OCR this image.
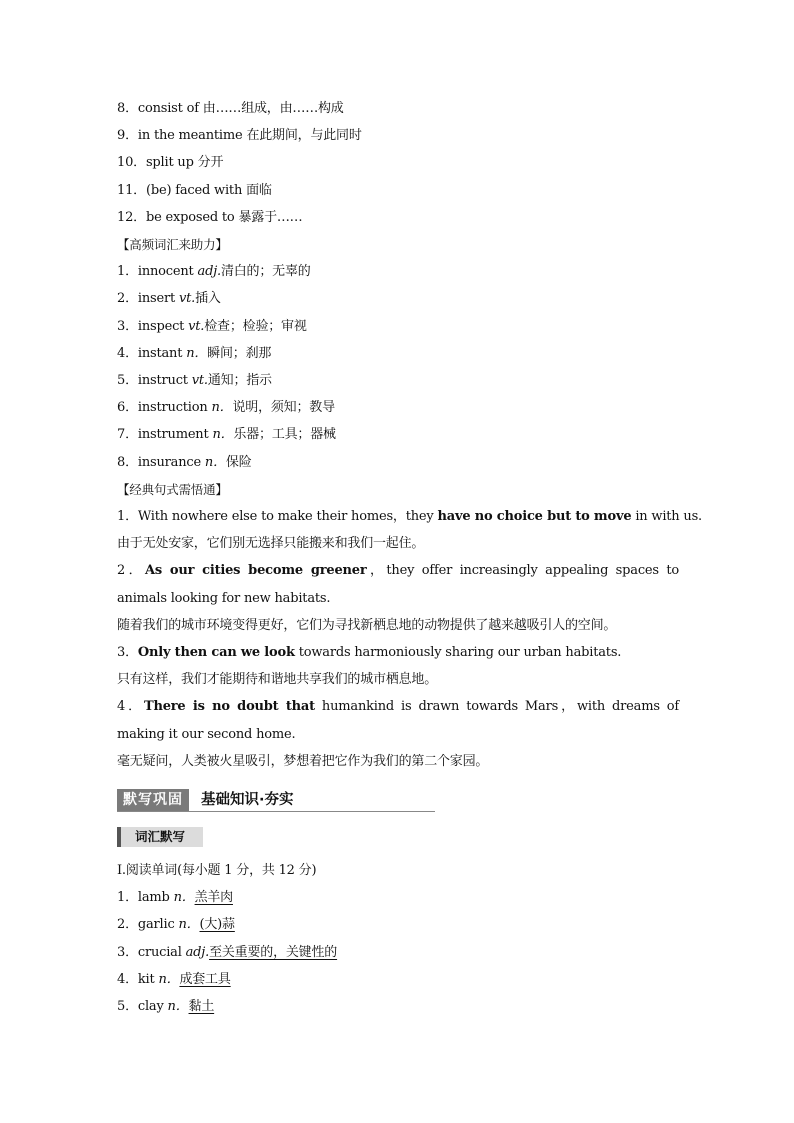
8．consist of 由……组成，由……构成
9．in the meantime 在此期间，与此同时
10．split up 分开
11．(be) faced with 面临
12．be exposed to 暴露于……
【高频词汇来助力】
1．innocent adj.清白的；无辜的
2．insert vt.插入
3．inspect vt.检查；检验；审视
4．instant n．瞬间；刹那
5．instruct vt.通知；指示
6．instruction n．说明，须知；教导
7．instrument n．乐器；工具；器械
8．insurance n．保险
【经典句式需悟通】
1．With nowhere else to make their homes，they have no choice but to move in with us.
由于无处安家，它们别无选择只能搬来和我们一起住。
2．As our cities become greener，they offer increasingly appealing spaces to animals looking for new habitats.
随着我们的城市环境变得更好，它们为寻找新栖息地的动物提供了越来越吸引人的空间。
3．Only then can we look towards harmoniously sharing our urban habitats.
只有这样，我们才能期待和谐地共享我们的城市栖息地。
4．There is no doubt that humankind is drawn towards Mars，with dreams of making it our second home.
毫无疑问，人类被火星吸引，梦想着把它作为我们的第二个家园。
默写巩固	基础知识·夯实
词汇默写
Ⅰ.阅读单词(每小题 1 分，共 12 分)
1．lamb n．羔羊肉
2．garlic n．(大)蒜
3．crucial adj.至关重要的，关键性的
4．kit n．成套工具
5．clay n．黏土
